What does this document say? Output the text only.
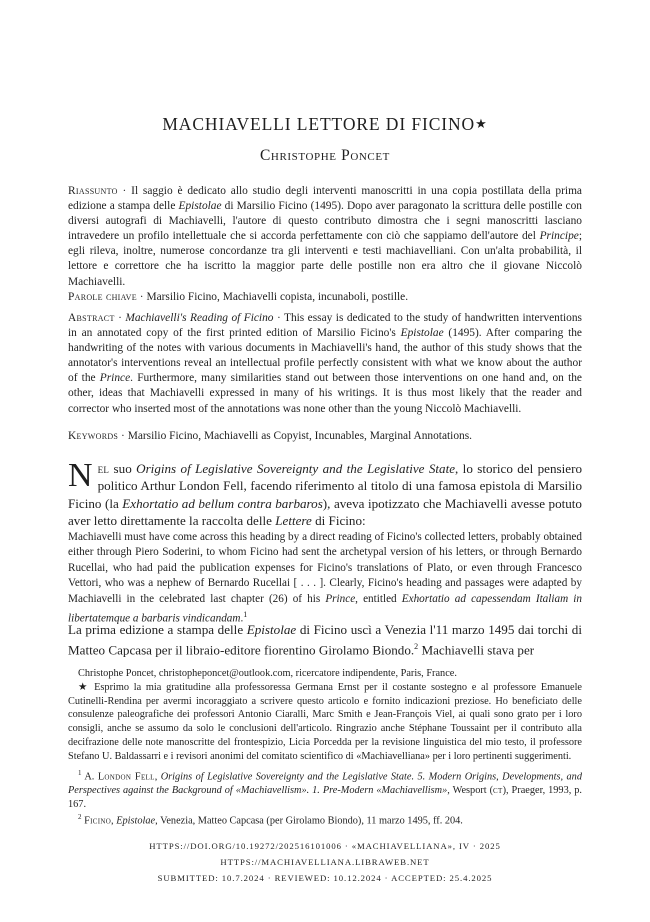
MACHIAVELLI LETTORE DI FICINO★
Christophe Poncet

Riassunto · Il saggio è dedicato allo studio degli interventi manoscritti in una copia postillata della prima edizione a stampa delle Epistolae di Marsilio Ficino (1495). Dopo aver paragonato la scrittura delle postille con diversi autografi di Machiavelli, l'autore di questo contributo dimostra che i segni manoscritti lasciano intravedere un profilo intellettuale che si accorda perfettamente con ciò che sappiamo dell'autore del Principe; egli rileva, inoltre, numerose concordanze tra gli interventi e testi machiavelliani. Con un'alta probabilità, il lettore e correttore che ha iscritto la maggior parte delle postille non era altro che il giovane Niccolò Machiavelli.

Parole chiave · Marsilio Ficino, Machiavelli copista, incunaboli, postille.

Abstract · Machiavelli's Reading of Ficino · This essay is dedicated to the study of handwritten interventions in an annotated copy of the first printed edition of Marsilio Ficino's Epistolae (1495). After comparing the handwriting of the notes with various documents in Machiavelli's hand, the author of this study shows that the annotator's interventions reveal an intellectual profile perfectly consistent with what we know about the author of the Prince. Furthermore, many similarities stand out between those interventions on one hand and, on the other, ideas that Machiavelli expressed in many of his writings. It is thus most likely that the reader and corrector who inserted most of the annotations was none other than the young Niccolò Machiavelli.

Keywords · Marsilio Ficino, Machiavelli as Copyist, Incunables, Marginal Annotations.

Nel suo Origins of Legislative Sovereignty and the Legislative State, lo storico del pensiero politico Arthur London Fell, facendo riferimento al titolo di una famosa epistola di Marsilio Ficino (la Exhortatio ad bellum contra barbaros), aveva ipotizzato che Machiavelli avesse potuto aver letto direttamente la raccolta delle Lettere di Ficino:

Machiavelli must have come across this heading by a direct reading of Ficino's collected letters, probably obtained either through Piero Soderini, to whom Ficino had sent the archetypal version of his letters, or through Bernardo Rucellai, who had paid the publication expenses for Ficino's translations of Plato, or even through Francesco Vettori, who was a nephew of Bernardo Rucellai [ . . . ]. Clearly, Ficino's heading and passages were adapted by Machiavelli in the celebrated last chapter (26) of his Prince, entitled Exhortatio ad capessendam Italiam in libertatemque a barbaris vindicandam.$^1$

La prima edizione a stampa delle Epistolae di Ficino uscì a Venezia l'11 marzo 1495 dai torchi di Matteo Capcasa per il libraio-editore fiorentino Girolamo Biondo.$^2$ Machiavelli stava per

Christophe Poncet, christopheponcet@outlook.com, ricercatore indipendente, Paris, France.

★ Esprimo la mia gratitudine alla professoressa Germana Ernst per il costante sostegno e al professore Emanuele Cutinelli-Rendina per avermi incoraggiato a scrivere questo articolo e fornito indicazioni preziose. Ho beneficiato delle consulenze paleografiche dei professori Antonio Ciaralli, Marc Smith e Jean-François Viel, ai quali sono grato per i loro consigli, anche se assumo da solo le conclusioni dell'articolo. Ringrazio anche Stéphane Toussaint per il contributo alla decifrazione delle note manoscritte del frontespizio, Licia Porcedda per la revisione linguistica del mio testo, il professore Stefano U. Baldassarri e i revisori anonimi del comitato scientifico di «Machiavelliana» per i loro pertinenti suggerimenti.

$^1$ A. London Fell, Origins of Legislative Sovereignty and the Legislative State. 5. Modern Origins, Developments, and Perspectives against the Background of «Machiavellism». 1. Pre-Modern «Machiavellism», Wesport (ct), Praeger, 1993, p. 167.

$^2$ Ficino, Epistolae, Venezia, Matteo Capcasa (per Girolamo Biondo), 11 marzo 1495, ff. 204.

HTTPS://DOI.ORG/10.19272/202516101006 · «MACHIAVELLIANA», IV · 2025
HTTPS://MACHIAVELLIANA.LIBRAWEB.NET
SUBMITTED: 10.7.2024 · REVIEWED: 10.12.2024 · ACCEPTED: 25.4.2025
